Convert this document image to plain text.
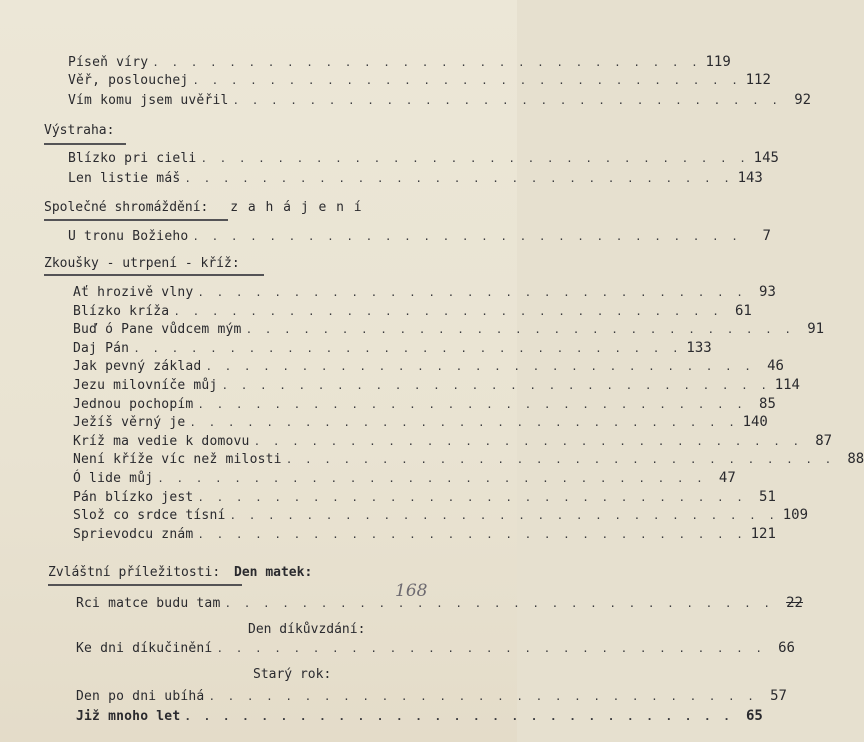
Píseň víry . . . . . . . . . . . . . . . . . . . . . . . . . . . . . 119
Věř, poslouchej . . . . . . . . . . . . . . . . . . . . . . . . . . . . . 112
Vím komu jsem uvěřil . . . . . . . . . . . . . . . . . . . . . . . . . . . . . 92
Výstraha:
Blízko pri cieli . . . . . . . . . . . . . . . . . . . . . . . . . . . . . 145
Len listie máš . . . . . . . . . . . . . . . . . . . . . . . . . . . . . 143
Společné shromáždění: z a h á j e n í
U tronu Božieho . . . . . . . . . . . . . . . . . . . . . . . . . . . . .	7
Zkoušky - utrpení - kříž:
Ať hrozivě vlny . . . . . . . . . . . . . . . . . . . . . . . . . . . . . 93
Blízko kríža . . . . . . . . . . . . . . . . . . . . . . . . . . . . . 61
Buď ó Pane vůdcem mým . . . . . . . . . . . . . . . . . . . . . . . . . . . . . 91
Daj Pán . . . . . . . . . . . . . . . . . . . . . . . . . . . . . 133
Jak pevný základ . . . . . . . . . . . . . . . . . . . . . . . . . . . . . 46
Jezu milovníče můj . . . . . . . . . . . . . . . . . . . . . . . . . . . . . 114
Jednou pochopím . . . . . . . . . . . . . . . . . . . . . . . . . . . . . 85
Ježíš věrný je . . . . . . . . . . . . . . . . . . . . . . . . . . . . . 140
Kríž ma vedie k domovu . . . . . . . . . . . . . . . . . . . . . . . . . . . . . 87
Není kříže víc než milosti . . . . . . . . . . . . . . . . . . . . . . . . . . . . . 88
Ó lide můj . . . . . . . . . . . . . . . . . . . . . . . . . . . . . 47
Pán blízko jest . . . . . . . . . . . . . . . . . . . . . . . . . . . . . 51
Slož co srdce tísní . . . . . . . . . . . . . . . . . . . . . . . . . . . . . 109
Sprievodcu znám . . . . . . . . . . . . . . . . . . . . . . . . . . . . . 121
Zvláštní příležitosti: Den matek:
Rci matce budu tam . . . . . . . . . . . . . . . . . . . . . . . . . . . . . 22
168
Den díkůvzdání:
Ke dni díkučinění . . . . . . . . . . . . . . . . . . . . . . . . . . . . . 66
Starý rok:
Den po dni ubíhá . . . . . . . . . . . . . . . . . . . . . . . . . . . . . 57
Již mnoho let . . . . . . . . . . . . . . . . . . . . . . . . . . . . . 65
